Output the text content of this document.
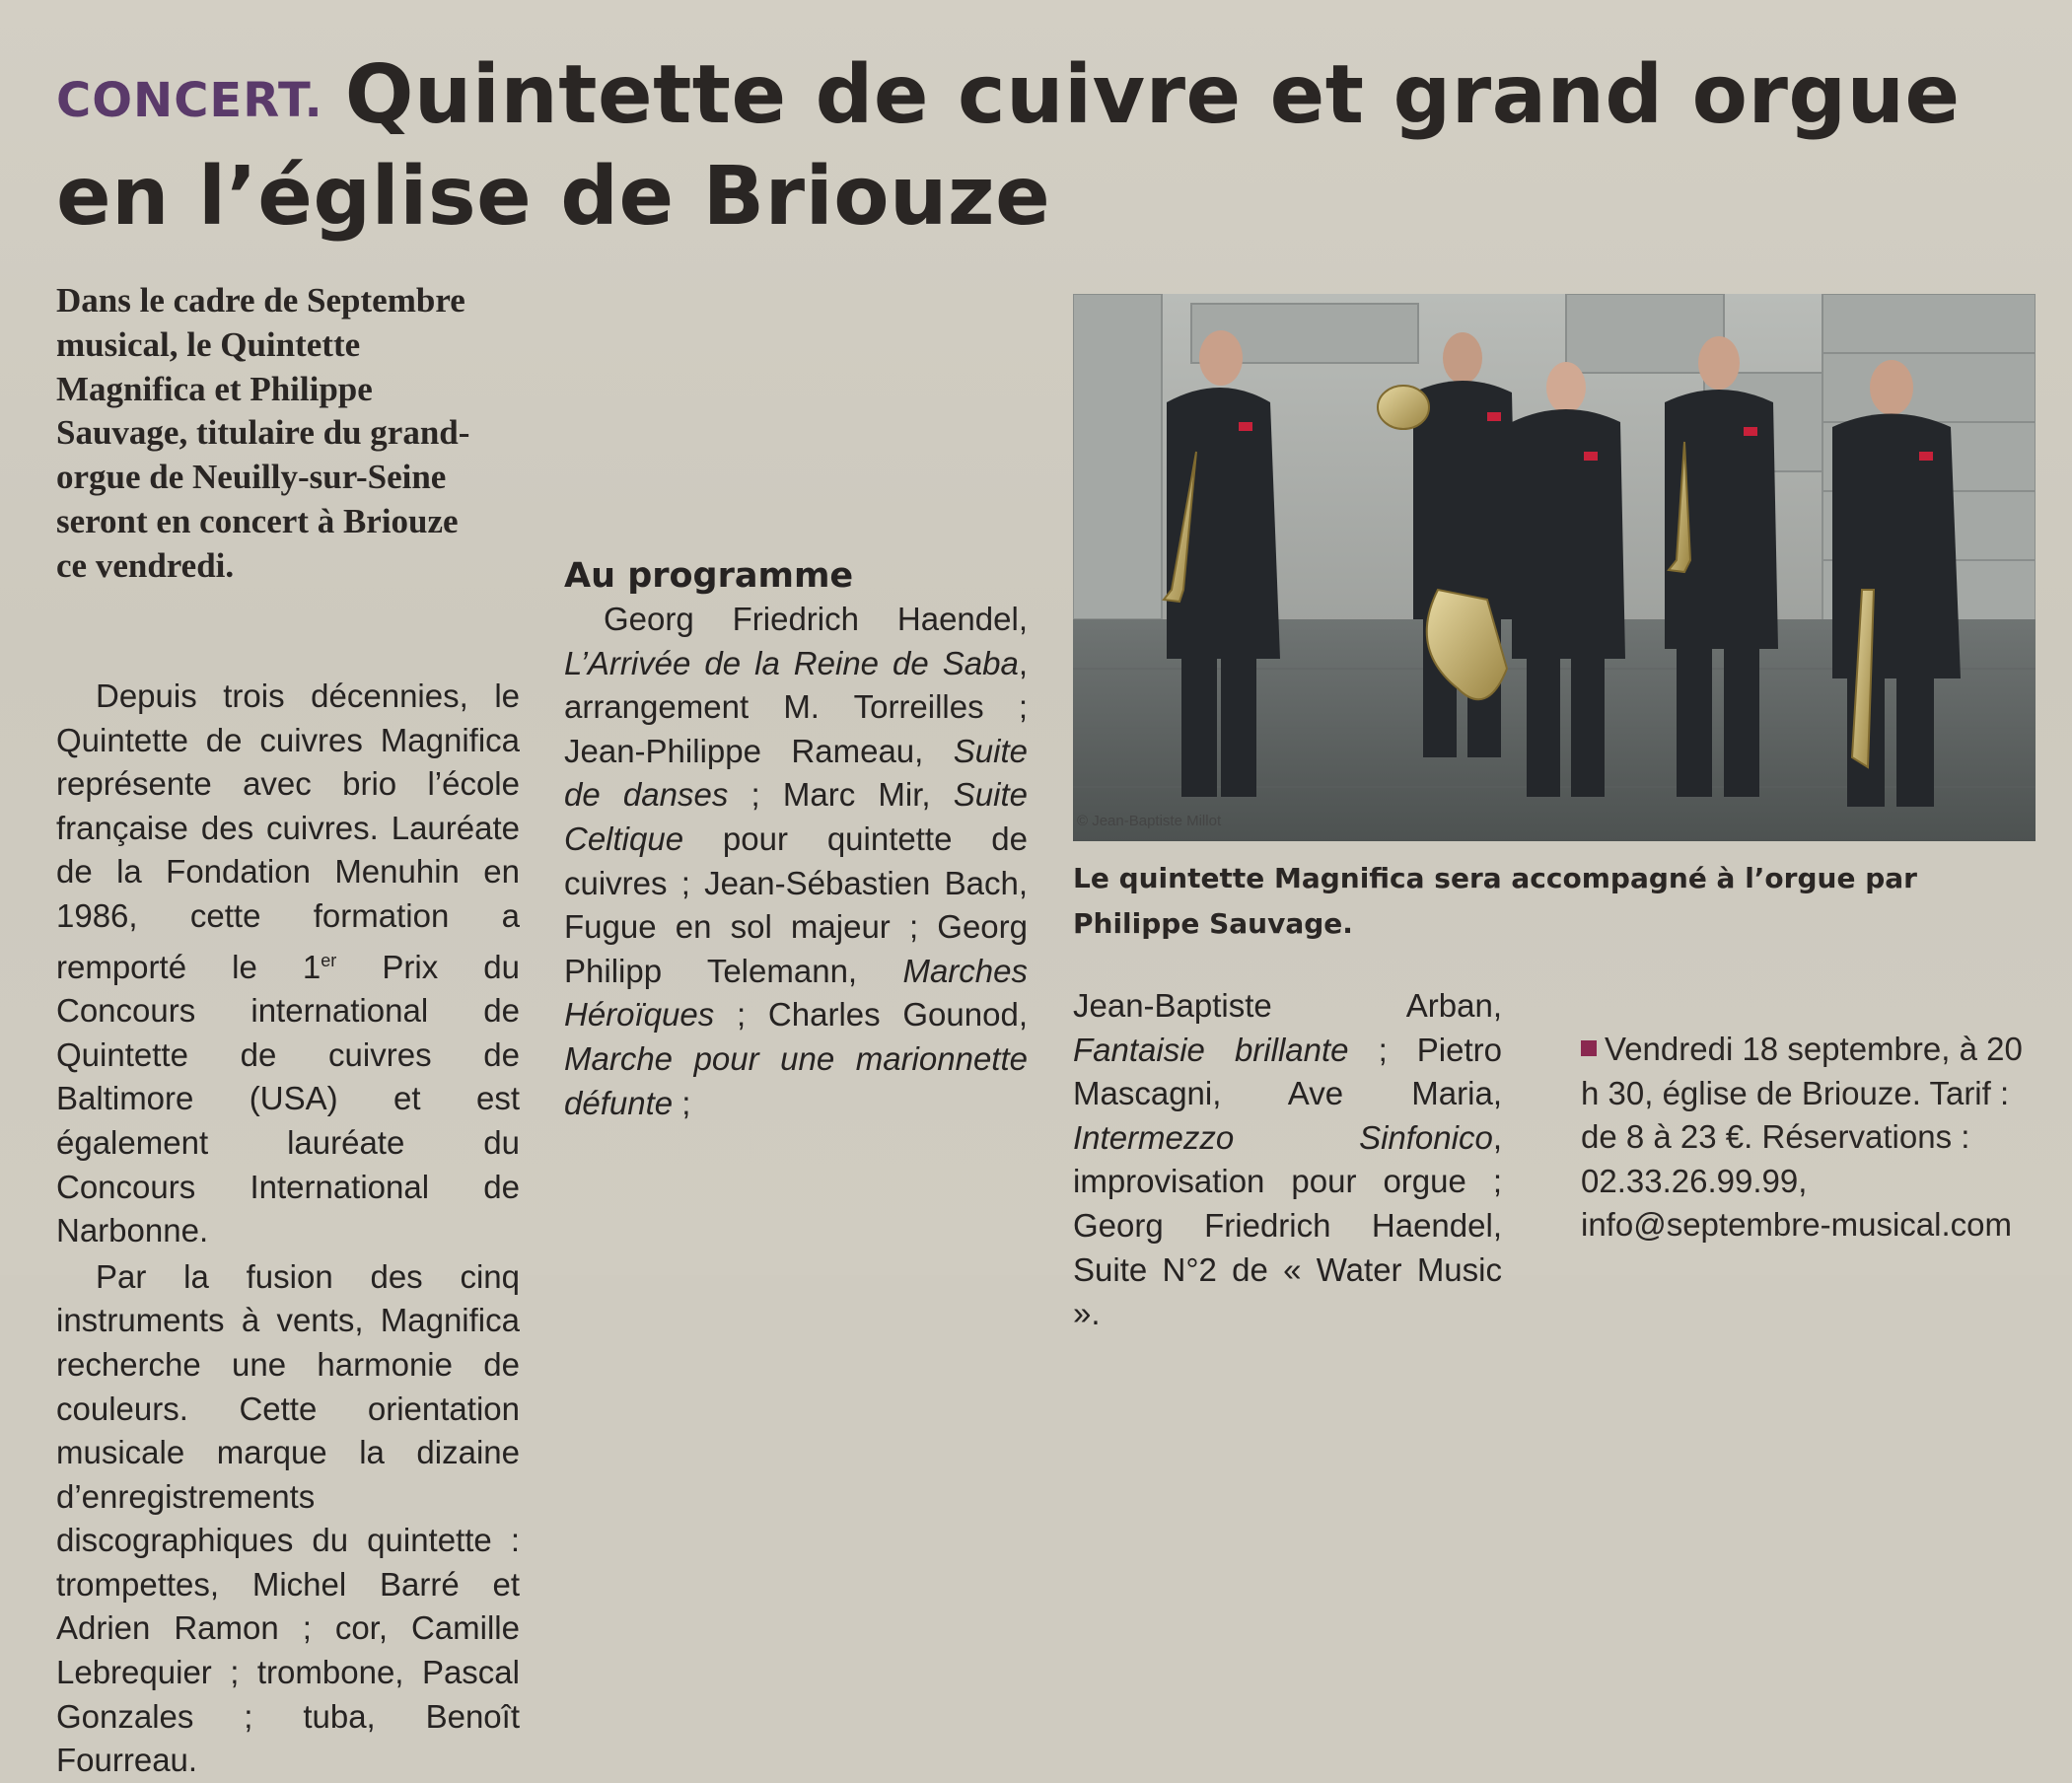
CONCERT. Quintette de cuivre et grand orgue en l’église de Briouze

Dans le cadre de Septembre musical, le Quintette Magnifica et Philippe Sauvage, titulaire du grand-orgue de Neuilly-sur-Seine seront en concert à Briouze ce vendredi.

Depuis trois décennies, le Quintette de cuivres Magnifica représente avec brio l’école française des cuivres. Lauréate de la Fondation Menuhin en 1986, cette formation a remporté le 1er Prix du Concours international de Quintette de cuivres de Baltimore (USA) et est également lauréate du Concours International de Narbonne.

Par la fusion des cinq instruments à vents, Magnifica recherche une harmonie de couleurs. Cette orientation musicale marque la dizaine d’enregistrements discographiques du quintette : trompettes, Michel Barré et Adrien Ramon ; cor, Camille Lebrequier ; trombone, Pascal Gonzales ; tuba, Benoît Fourreau.

Au programme

Georg Friedrich Haendel, L’Arrivée de la Reine de Saba, arrangement M. Torreilles ; Jean-Philippe Rameau, Suite de danses ; Marc Mir, Suite Celtique pour quintette de cuivres ; Jean-Sébastien Bach, Fugue en sol majeur ; Georg Philipp Telemann, Marches Héroïques ; Charles Gounod, Marche pour une marionnette défunte ;

© Jean-Baptiste Millot
Le quintette Magnifica sera accompagné à l’orgue par Philippe Sauvage.

Jean-Baptiste Arban, Fantaisie brillante ; Pietro Mascagni, Ave Maria, Intermezzo Sinfonico, improvisation pour orgue ; Georg Friedrich Haendel, Suite N°2 de « Water Music ».

Vendredi 18 septembre, à 20 h 30, église de Briouze. Tarif : de 8 à 23 €. Réservations : 02.33.26.99.99, info@septembre-musical.com
